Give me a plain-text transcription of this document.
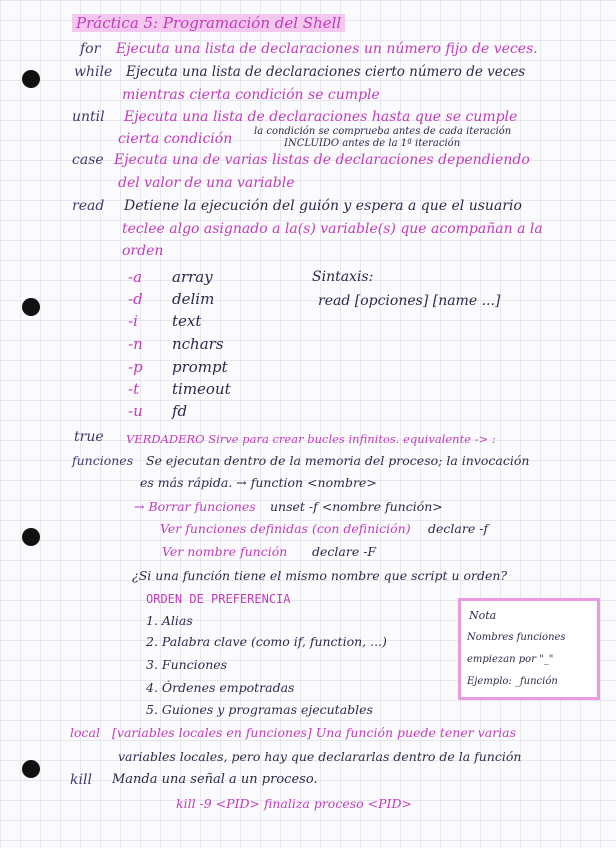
Práctica 5: Programación del Shell
for Ejecuta una lista de declaraciones un número fijo de veces.
while Ejecuta una lista de declaraciones cierto número de veces
mientras cierta condición se cumple
until Ejecuta una lista de declaraciones hasta que se cumple
cierta condición la condición se comprueba antes de cada iteración
INCLUIDO antes de la 1ª iteración
case Ejecuta una de varias listas de declaraciones dependiendo
del valor de una variable
read Detiene la ejecución del guión y espera a que el usuario
teclee algo asignado a la(s) variable(s) que acompañan a la
orden
-a array
-d delim
-i text
-n nchars
-p prompt
-t timeout
-u fd
Sintaxis:
read [opciones] [name ...]
true VERDADERO Sirve para crear bucles infinitos. equivalente -> :
funciones Se ejecutan dentro de la memoria del proceso; la invocación
es más rápida. → function <nombre>
→ Borrar funciones unset -f <nombre función>
Ver funciones definidas (con definición) declare -f
Ver nombre función declare -F
¿Si una función tiene el mismo nombre que script u orden?
ORDEN DE PREFERENCIA
1. Alias
2. Palabra clave (como if, function, ...)
3. Funciones
4. Órdenes empotradas
5. Guiones y programas ejecutables
Nota
Nombres funciones
empiezan por "_"
Ejemplo: _función
local [variables locales en funciones] Una función puede tener varias
variables locales, pero hay que declararlas dentro de la función
kill Manda una señal a un proceso.
kill -9 <PID> finaliza proceso <PID>
